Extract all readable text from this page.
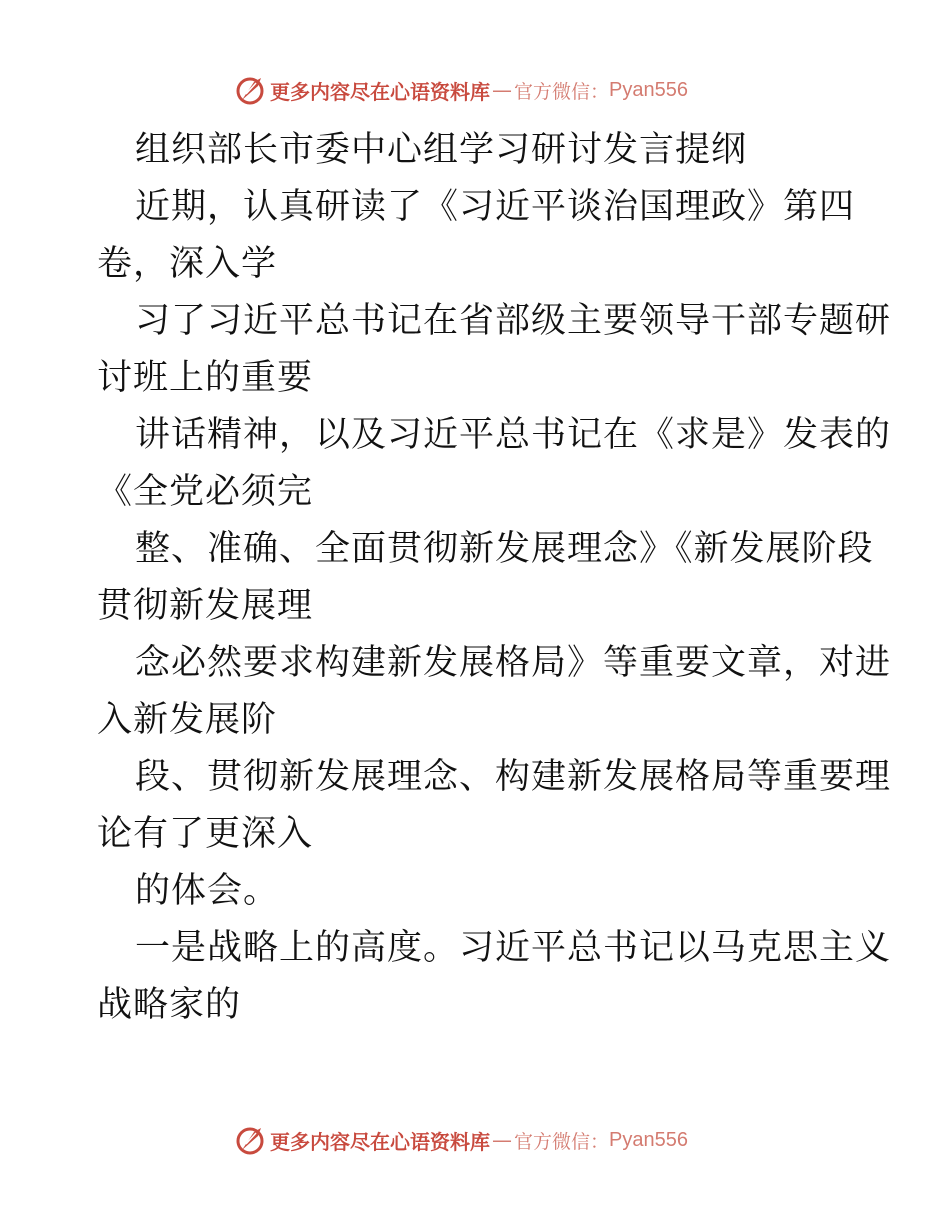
更多内容尽在心语资料库 — 官方微信： Pyan556
组织部长市委中心组学习研讨发言提纲
近期，认真研读了《习近平谈治国理政》第四
卷，深入学
习了习近平总书记在省部级主要领导干部专题研
讨班上的重要
讲话精神，以及习近平总书记在《求是》发表的
《全党必须完
整、准确、全面贯彻新发展理念》《新发展阶段
贯彻新发展理
念必然要求构建新发展格局》等重要文章，对进
入新发展阶
段、贯彻新发展理念、构建新发展格局等重要理
论有了更深入
的体会。
一是战略上的高度。习近平总书记以马克思主义
战略家的
更多内容尽在心语资料库 — 官方微信： Pyan556
